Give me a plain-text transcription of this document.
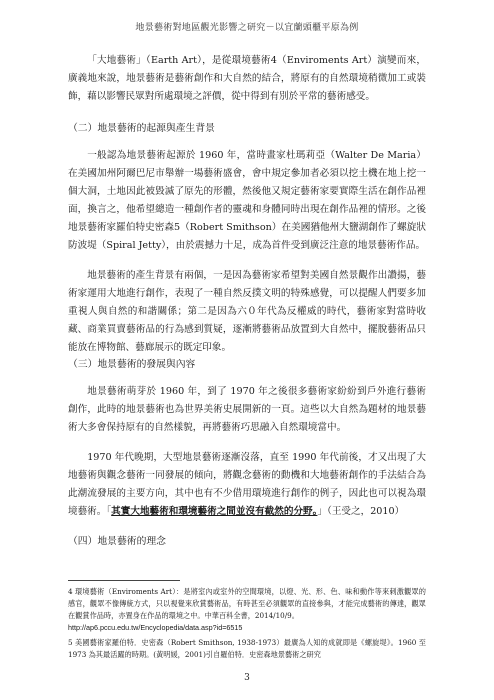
地景藝術對地區觀光影響之研究－以宜蘭頭櫃平原為例

「大地藝術」（Earth Art），是從環境藝術4（Enviroments Art）演變而來，廣義地來說，地景藝術是藝術創作和大自然的結合，將原有的自然環境稍微加工或裝飾，藉以影響民眾對所處環境之評價，從中得到有別於平常的藝術感受。

（二）地景藝術的起源與產生背景

一般認為地景藝術起源於 1960 年，當時畫家杜瑪莉亞（Walter De Maria）在美國加州阿爾巴尼市舉辦一場藝術盛會，會中規定參加者必須以挖土機在地上挖一個大洞，土地因此被毀滅了原先的形體，然後他又規定藝術家要實際生活在創作品裡面，換言之，他希望總造一種創作者的靈魂和身體同時出現在創作品裡的情形。之後地景藝術家羅伯特史密森5（Robert Smithson）在美國猶他州大鹽湖創作了螺旋狀防波堤（Spiral Jetty），由於震撼力十足，成為首件受到廣泛注意的地景藝術作品。

地景藝術的產生背景有兩個，一是因為藝術家希望對美國自然景觀作出讚揚，藝術家運用大地進行創作，表現了一種自然反撲文明的特殊感覺，可以提醒人們要多加重視人與自然的和諧關係；第二是因為六０年代為反權威的時代，藝術家對當時收藏、商業買賣藝術品的行為感到質疑，逐漸將藝術品放置到大自然中，擺脫藝術品只能放在博物館、藝廊展示的既定印象。

（三）地景藝術的發展與內容

地景藝術萌芽於 1960 年，到了 1970 年之後很多藝術家紛紛到戶外進行藝術創作，此時的地景藝術也為世界美術史展開新的一頁。這些以大自然為題材的地景藝術大多會保持原有的自然樣貌，再將藝術巧思融入自然環境當中。

1970 年代晚期，大型地景藝術逐漸沒落，直至 1990 年代前後，才又出現了大地藝術與觀念藝術一同發展的傾向，將觀念藝術的動機和大地藝術創作的手法結合為此潮流發展的主要方向，其中也有不少借用環境進行創作的例子，因此也可以視為環境藝術。「其實大地藝術和環境藝術之間並沒有截然的分野。」（王受之，2010）

（四）地景藝術的理念

4 環境藝術（Enviroments Art）：是將室內或室外的空間環境，以燈、光、形、色、味和動作等來刺激觀眾的感官，觀眾不像傳統方式，只以視覺來欣賞藝術品，有時甚至必須觀眾的直接參與，才能完成藝術的傳達，觀眾在觀賞作品時，亦置身在作品的環境之中。中華百科全書，2014/10/9。
http://ap6.pccu.edu.tw/Encyclopedia/data.asp?id=6515

5 美國藝術家羅伯特．史密森（Robert Smithson, 1938-1973）最廣為人知的成就即是《螺旋堤》。1960 至 1973 為其最活躍的時期。(黃明媛，2001)引自羅伯特．史密森地景藝術之研究

3
